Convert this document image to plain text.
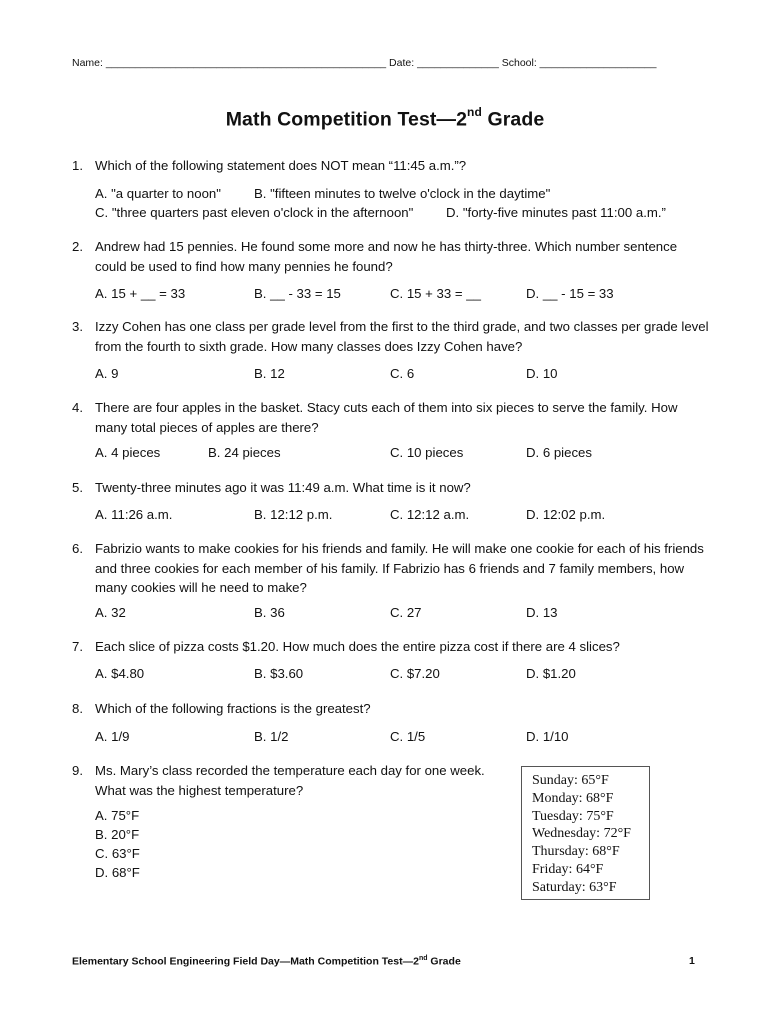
Name: ________________________________________________ Date: ______________ School: ____________________
Math Competition Test—2nd Grade
1. Which of the following statement does NOT mean “11:45 a.m.”?
A. "a quarter to noon"	B. "fifteen minutes to twelve o'clock in the daytime"
C. "three quarters past eleven o'clock in the afternoon" D. "forty-five minutes past 11:00 a.m.”
2. Andrew had 15 pennies. He found some more and now he has thirty-three. Which number sentence could be used to find how many pennies he found?
A. 15 + __ = 33	B. __ - 33 = 15	C. 15 + 33 = __	D. __ - 15 = 33
3. Izzy Cohen has one class per grade level from the first to the third grade, and two classes per grade level from the fourth to sixth grade. How many classes does Izzy Cohen have?
A. 9	B. 12	C. 6	D. 10
4. There are four apples in the basket. Stacy cuts each of them into six pieces to serve the family. How many total pieces of apples are there?
A. 4 pieces	B. 24 pieces	C. 10 pieces	D. 6 pieces
5. Twenty-three minutes ago it was 11:49 a.m. What time is it now?
A. 11:26 a.m.	B. 12:12 p.m.	C. 12:12 a.m.	D. 12:02 p.m.
6. Fabrizio wants to make cookies for his friends and family. He will make one cookie for each of his friends and three cookies for each member of his family. If Fabrizio has 6 friends and 7 family members, how many cookies will he need to make?
A. 32	B. 36	C. 27	D. 13
7. Each slice of pizza costs $1.20. How much does the entire pizza cost if there are 4 slices?
A. $4.80	B. $3.60	C. $7.20	D. $1.20
8. Which of the following fractions is the greatest?
A. 1/9	B. 1/2	C. 1/5	D. 1/10
9. Ms. Mary’s class recorded the temperature each day for one week. What was the highest temperature?
A. 75°F
B. 20°F
C. 63°F
D. 68°F
Sunday: 65°F
Monday: 68°F
Tuesday: 75°F
Wednesday: 72°F
Thursday: 68°F
Friday: 64°F
Saturday: 63°F
Elementary School Engineering Field Day—Math Competition Test—2nd Grade	1
